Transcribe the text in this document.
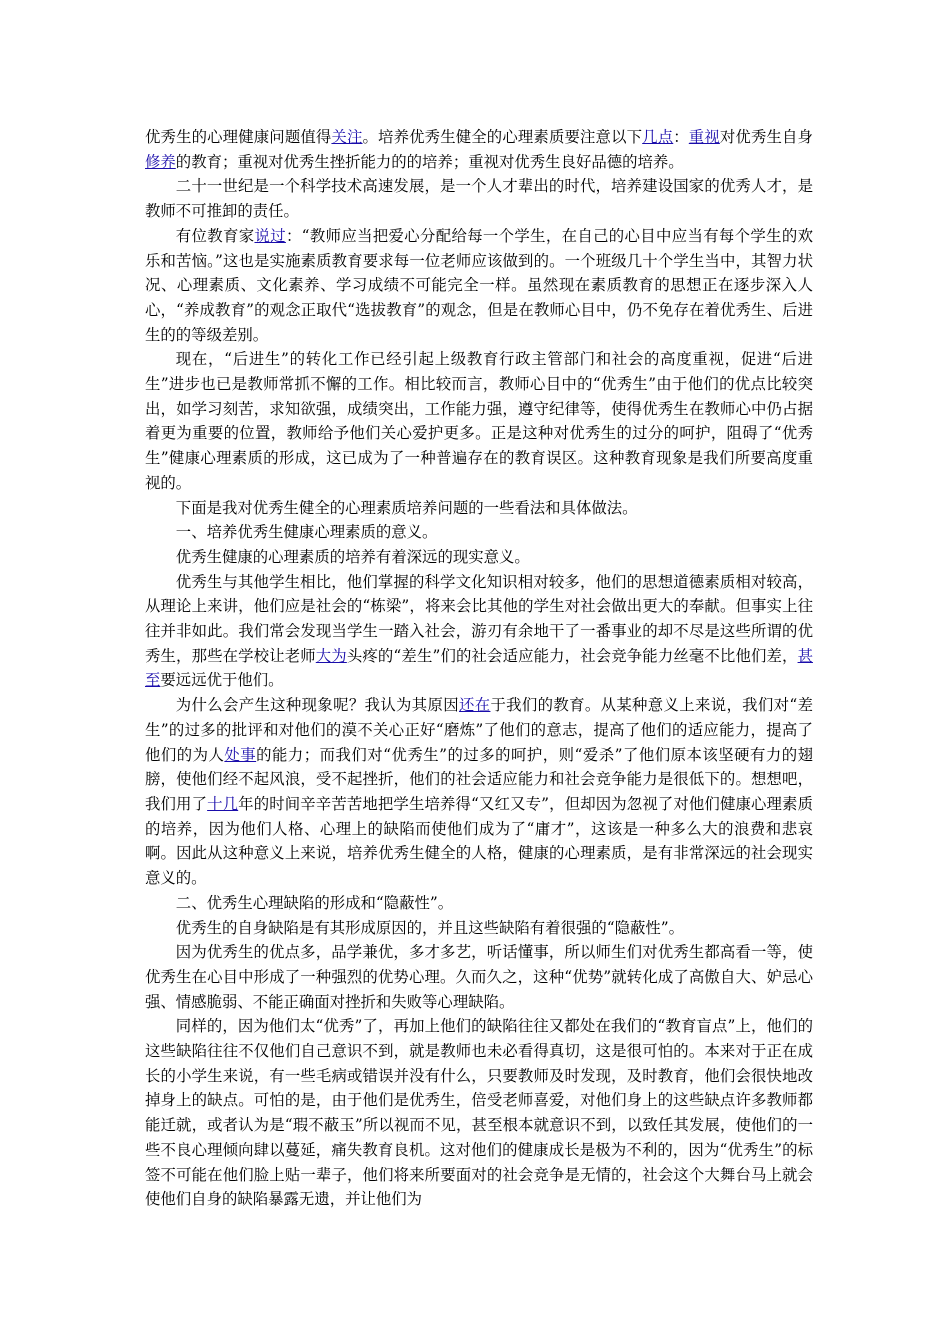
优秀生的心理健康问题值得关注。培养优秀生健全的心理素质要注意以下几点：重视对优秀生自身修养的教育；重视对优秀生挫折能力的的培养；重视对优秀生良好品德的培养。

二十一世纪是一个科学技术高速发展，是一个人才辈出的时代，培养建设国家的优秀人才，是教师不可推卸的责任。

有位教育家说过：“教师应当把爱心分配给每一个学生，在自己的心目中应当有每个学生的欢乐和苦恼。”这也是实施素质教育要求每一位老师应该做到的。一个班级几十个学生当中，其智力状况、心理素质、文化素养、学习成绩不可能完全一样。虽然现在素质教育的思想正在逐步深入人心，“养成教育”的观念正取代“选拔教育”的观念，但是在教师心目中，仍不免存在着优秀生、后进生的的等级差别。

现在，“后进生”的转化工作已经引起上级教育行政主管部门和社会的高度重视，促进“后进生”进步也已是教师常抓不懈的工作。相比较而言，教师心目中的“优秀生”由于他们的优点比较突出，如学习刻苦，求知欲强，成绩突出，工作能力强，遵守纪律等，使得优秀生在教师心中仍占据着更为重要的位置，教师给予他们关心爱护更多。正是这种对优秀生的过分的呵护，阻碍了“优秀生”健康心理素质的形成，这已成为了一种普遍存在的教育误区。这种教育现象是我们所要高度重视的。

下面是我对优秀生健全的心理素质培养问题的一些看法和具体做法。

一、培养优秀生健康心理素质的意义。

优秀生健康的心理素质的培养有着深远的现实意义。

优秀生与其他学生相比，他们掌握的科学文化知识相对较多，他们的思想道德素质相对较高，从理论上来讲，他们应是社会的“栋梁”，将来会比其他的学生对社会做出更大的奉献。但事实上往往并非如此。我们常会发现当学生一踏入社会，游刃有余地干了一番事业的却不尽是这些所谓的优秀生，那些在学校让老师大为头疼的“差生”们的社会适应能力，社会竞争能力丝毫不比他们差，甚至要远远优于他们。

为什么会产生这种现象呢？我认为其原因还在于我们的教育。从某种意义上来说，我们对“差生”的过多的批评和对他们的漠不关心正好“磨炼”了他们的意志，提高了他们的适应能力，提高了他们的为人处事的能力；而我们对“优秀生”的过多的呵护，则“爱杀”了他们原本该坚硬有力的翅膀，使他们经不起风浪，受不起挫折，他们的社会适应能力和社会竞争能力是很低下的。想想吧，我们用了十几年的时间辛辛苦苦地把学生培养得“又红又专”，但却因为忽视了对他们健康心理素质的培养，因为他们人格、心理上的缺陷而使他们成为了“庸才”，这该是一种多么大的浪费和悲哀啊。因此从这种意义上来说，培养优秀生健全的人格，健康的心理素质，是有非常深远的社会现实意义的。

二、优秀生心理缺陷的形成和“隐蔽性”。

优秀生的自身缺陷是有其形成原因的，并且这些缺陷有着很强的“隐蔽性”。

因为优秀生的优点多，品学兼优，多才多艺，听话懂事，所以师生们对优秀生都高看一等，使优秀生在心目中形成了一种强烈的优势心理。久而久之，这种“优势”就转化成了高傲自大、妒忌心强、情感脆弱、不能正确面对挫折和失败等心理缺陷。

同样的，因为他们太“优秀”了，再加上他们的缺陷往往又都处在我们的“教育盲点”上，他们的这些缺陷往往不仅他们自己意识不到，就是教师也未必看得真切，这是很可怕的。本来对于正在成长的小学生来说，有一些毛病或错误并没有什么，只要教师及时发现，及时教育，他们会很快地改掉身上的缺点。可怕的是，由于他们是优秀生，倍受老师喜爱，对他们身上的这些缺点许多教师都能迁就，或者认为是“瑕不蔽玉”所以视而不见，甚至根本就意识不到，以致任其发展，使他们的一些不良心理倾向肆以蔓延，痛失教育良机。这对他们的健康成长是极为不利的，因为“优秀生”的标签不可能在他们脸上贴一辈子，他们将来所要面对的社会竞争是无情的，社会这个大舞台马上就会使他们自身的缺陷暴露无遗，并让他们为
